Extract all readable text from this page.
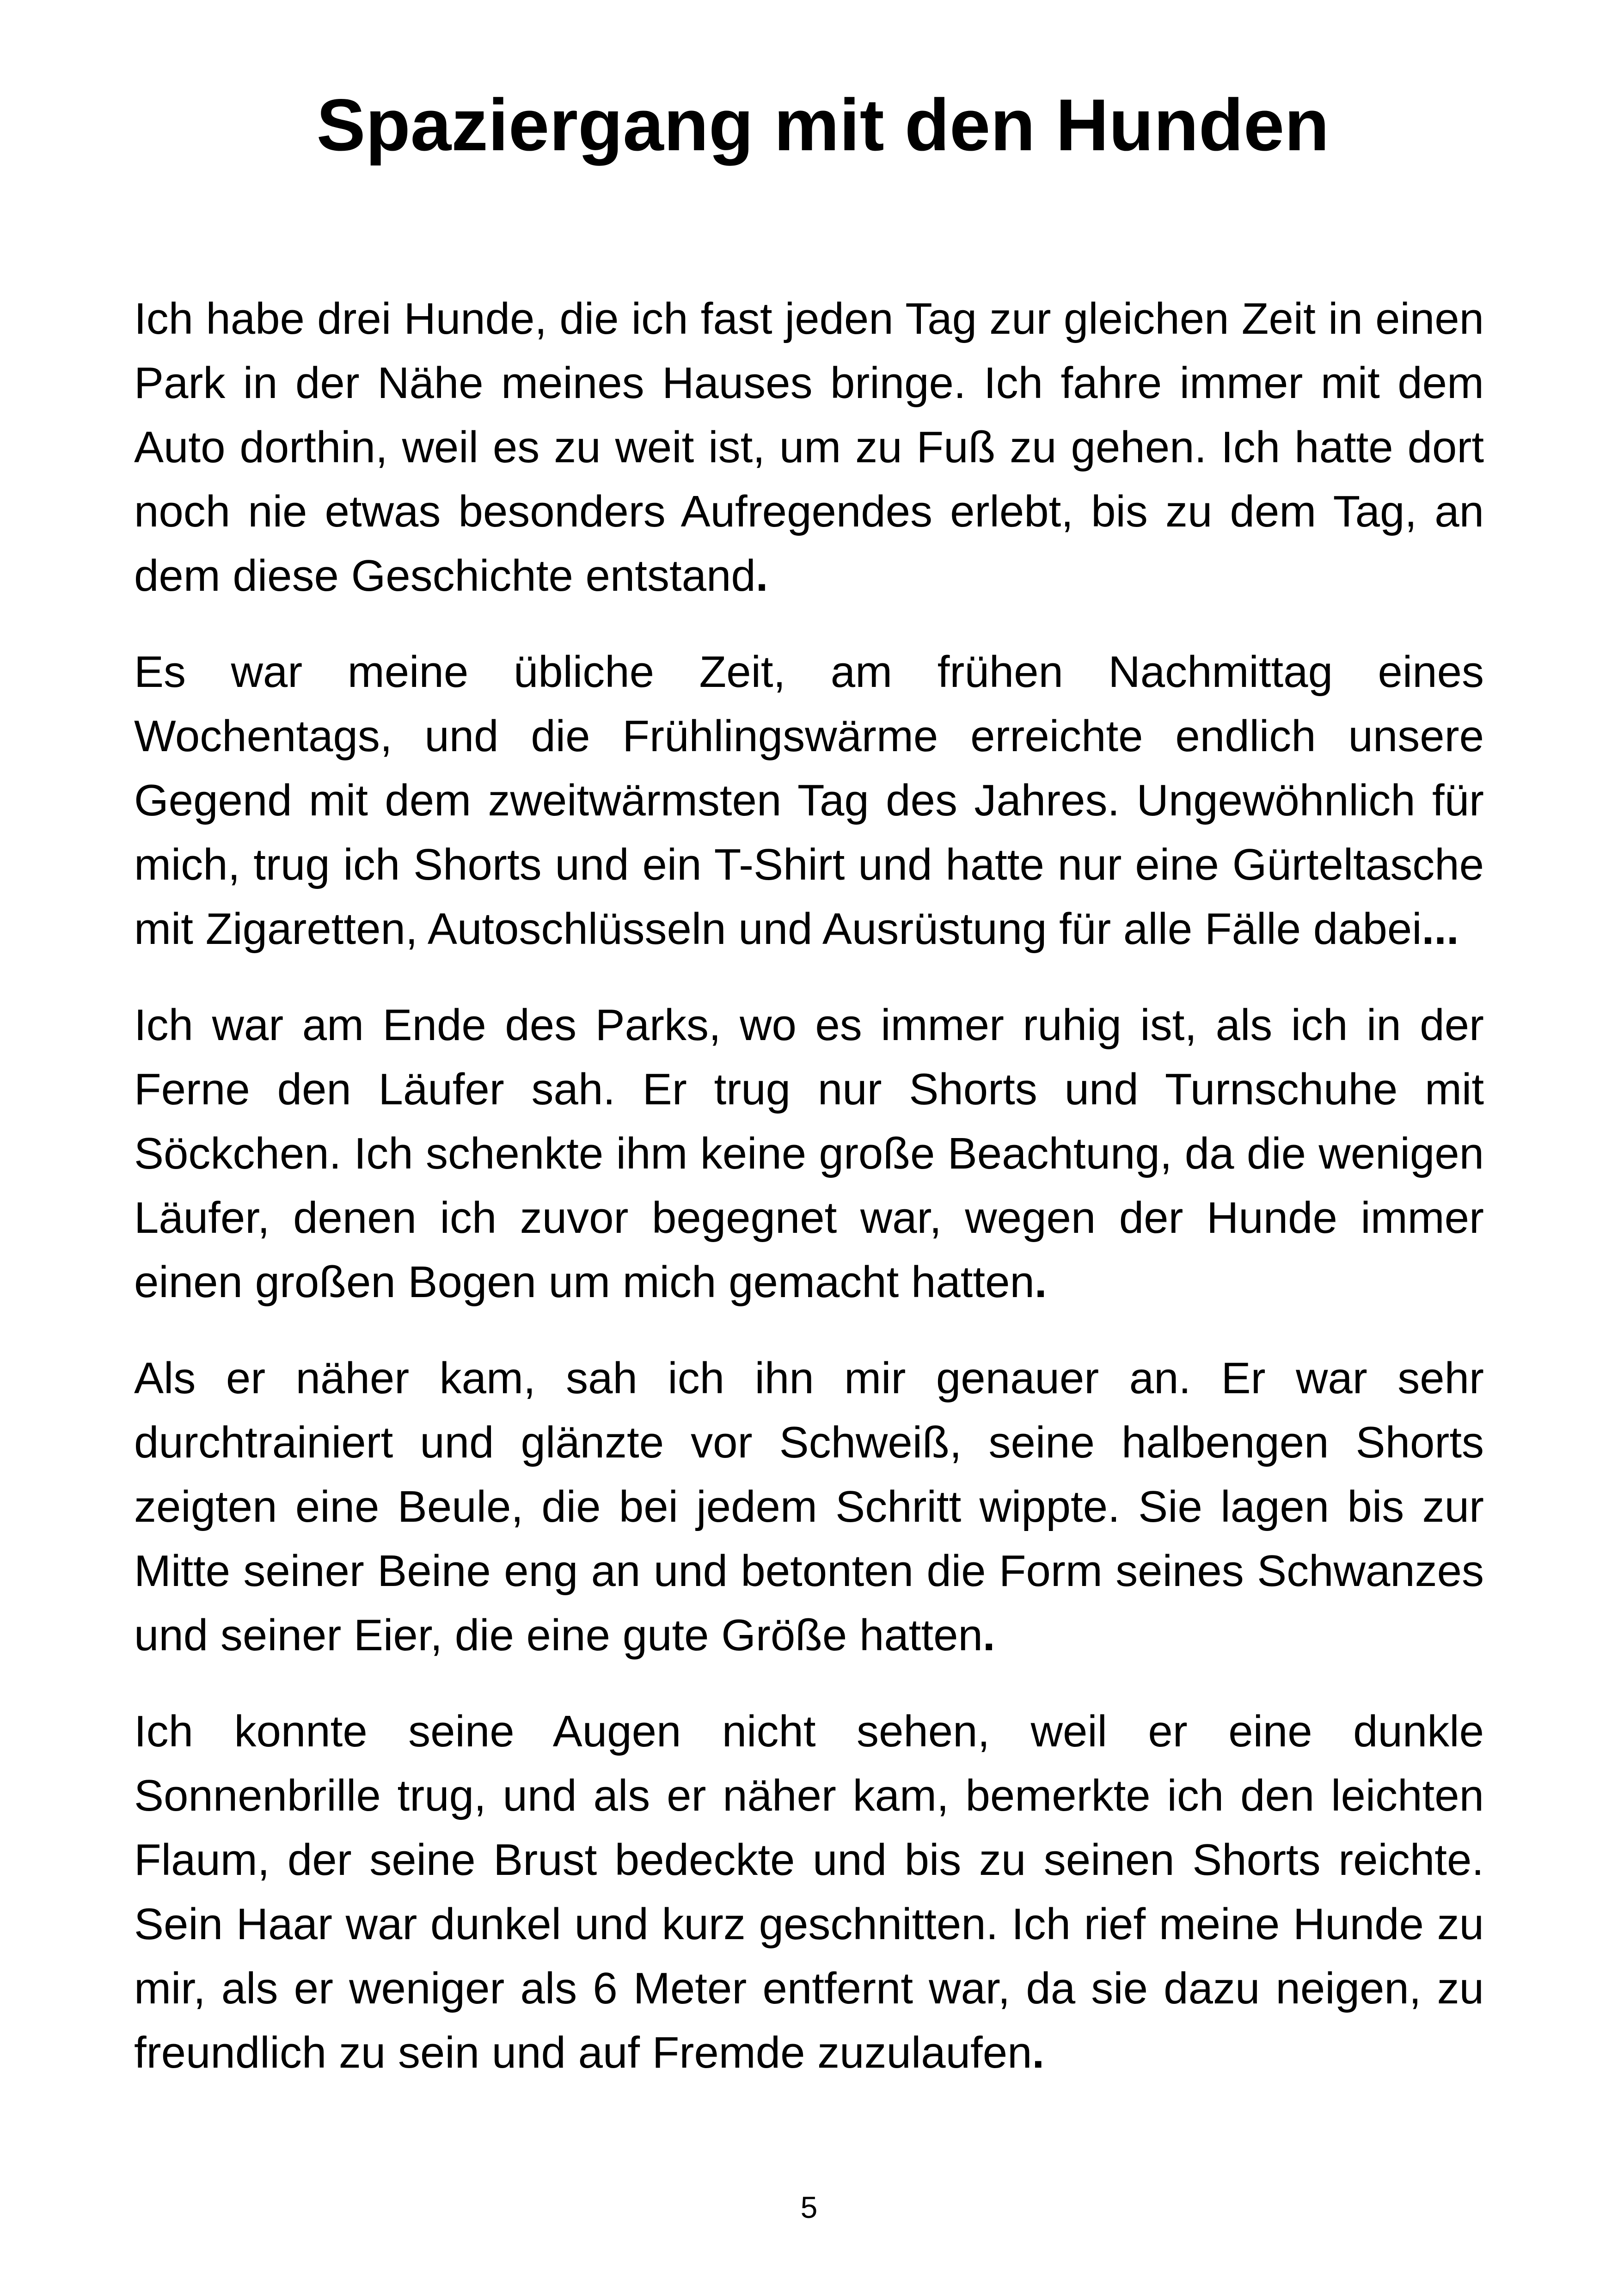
Spaziergang mit den Hunden

Ich habe drei Hunde, die ich fast jeden Tag zur gleichen Zeit in einen Park in der Nähe meines Hauses bringe. Ich fahre immer mit dem Auto dorthin, weil es zu weit ist, um zu Fuß zu gehen. Ich hatte dort noch nie etwas besonders Aufregendes erlebt, bis zu dem Tag, an dem diese Geschichte entstand.

Es war meine übliche Zeit, am frühen Nachmittag eines Wochentags, und die Frühlingswärme erreichte endlich unsere Gegend mit dem zweitwärmsten Tag des Jahres. Ungewöhnlich für mich, trug ich Shorts und ein T-Shirt und hatte nur eine Gürteltasche mit Zigaretten, Autoschlüsseln und Ausrüstung für alle Fälle dabei...

Ich war am Ende des Parks, wo es immer ruhig ist, als ich in der Ferne den Läufer sah. Er trug nur Shorts und Turnschuhe mit Söckchen. Ich schenkte ihm keine große Beachtung, da die wenigen Läufer, denen ich zuvor begegnet war, wegen der Hunde immer einen großen Bogen um mich gemacht hatten.

Als er näher kam, sah ich ihn mir genauer an. Er war sehr durchtrainiert und glänzte vor Schweiß, seine halbengen Shorts zeigten eine Beule, die bei jedem Schritt wippte. Sie lagen bis zur Mitte seiner Beine eng an und betonten die Form seines Schwanzes und seiner Eier, die eine gute Größe hatten.

Ich konnte seine Augen nicht sehen, weil er eine dunkle Sonnenbrille trug, und als er näher kam, bemerkte ich den leichten Flaum, der seine Brust bedeckte und bis zu seinen Shorts reichte. Sein Haar war dunkel und kurz geschnitten. Ich rief meine Hunde zu mir, als er weniger als 6 Meter entfernt war, da sie dazu neigen, zu freundlich zu sein und auf Fremde zuzulaufen.

5
